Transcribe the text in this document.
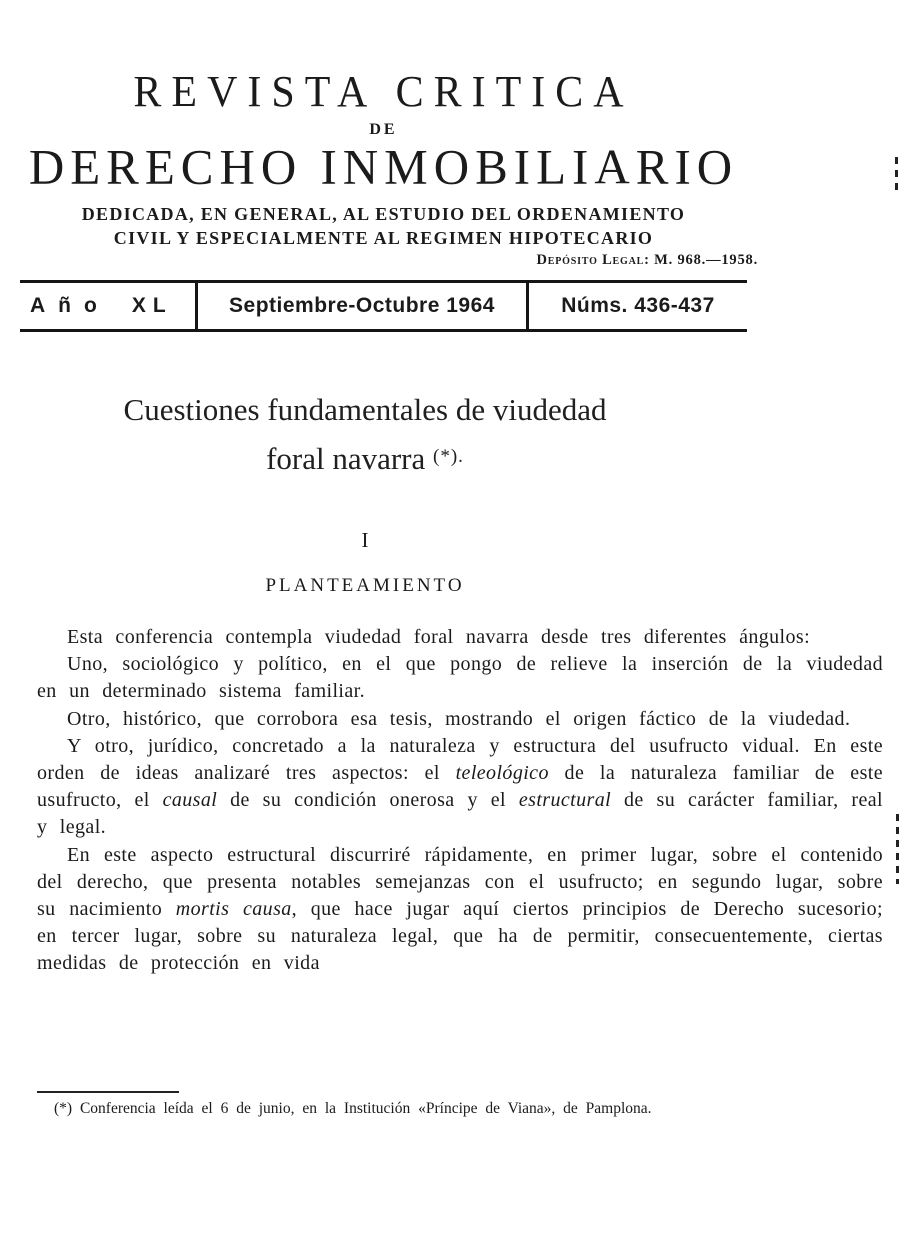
REVISTA CRITICA
DE
DERECHO INMOBILIARIO
DEDICADA, EN GENERAL, AL ESTUDIO DEL ORDENAMIENTO
CIVIL Y ESPECIALMENTE AL REGIMEN HIPOTECARIO
Depósito Legal: M. 968.—1958.
Año XL	Septiembre-Octubre 1964	Núms. 436-437
Cuestiones fundamentales de viudedad
foral navarra (*).
I
PLANTEAMIENTO

Esta conferencia contempla viudedad foral navarra desde tres diferentes ángulos:

Uno, sociológico y político, en el que pongo de relieve la inserción de la viudedad en un determinado sistema familiar.

Otro, histórico, que corrobora esa tesis, mostrando el origen fáctico de la viudedad.

Y otro, jurídico, concretado a la naturaleza y estructura del usufructo vidual. En este orden de ideas analizaré tres aspectos: el teleológico de la naturaleza familiar de este usufructo, el causal de su condición onerosa y el estructural de su carácter familiar, real y legal.

En este aspecto estructural discurriré rápidamente, en primer lugar, sobre el contenido del derecho, que presenta notables semejanzas con el usufructo; en segundo lugar, sobre su nacimiento mortis causa, que hace jugar aquí ciertos principios de Derecho sucesorio; en tercer lugar, sobre su naturaleza legal, que ha de permitir, consecuentemente, ciertas medidas de protección en vida

(*) Conferencia leída el 6 de junio, en la Institución «Príncipe de Viana», de Pamplona.
